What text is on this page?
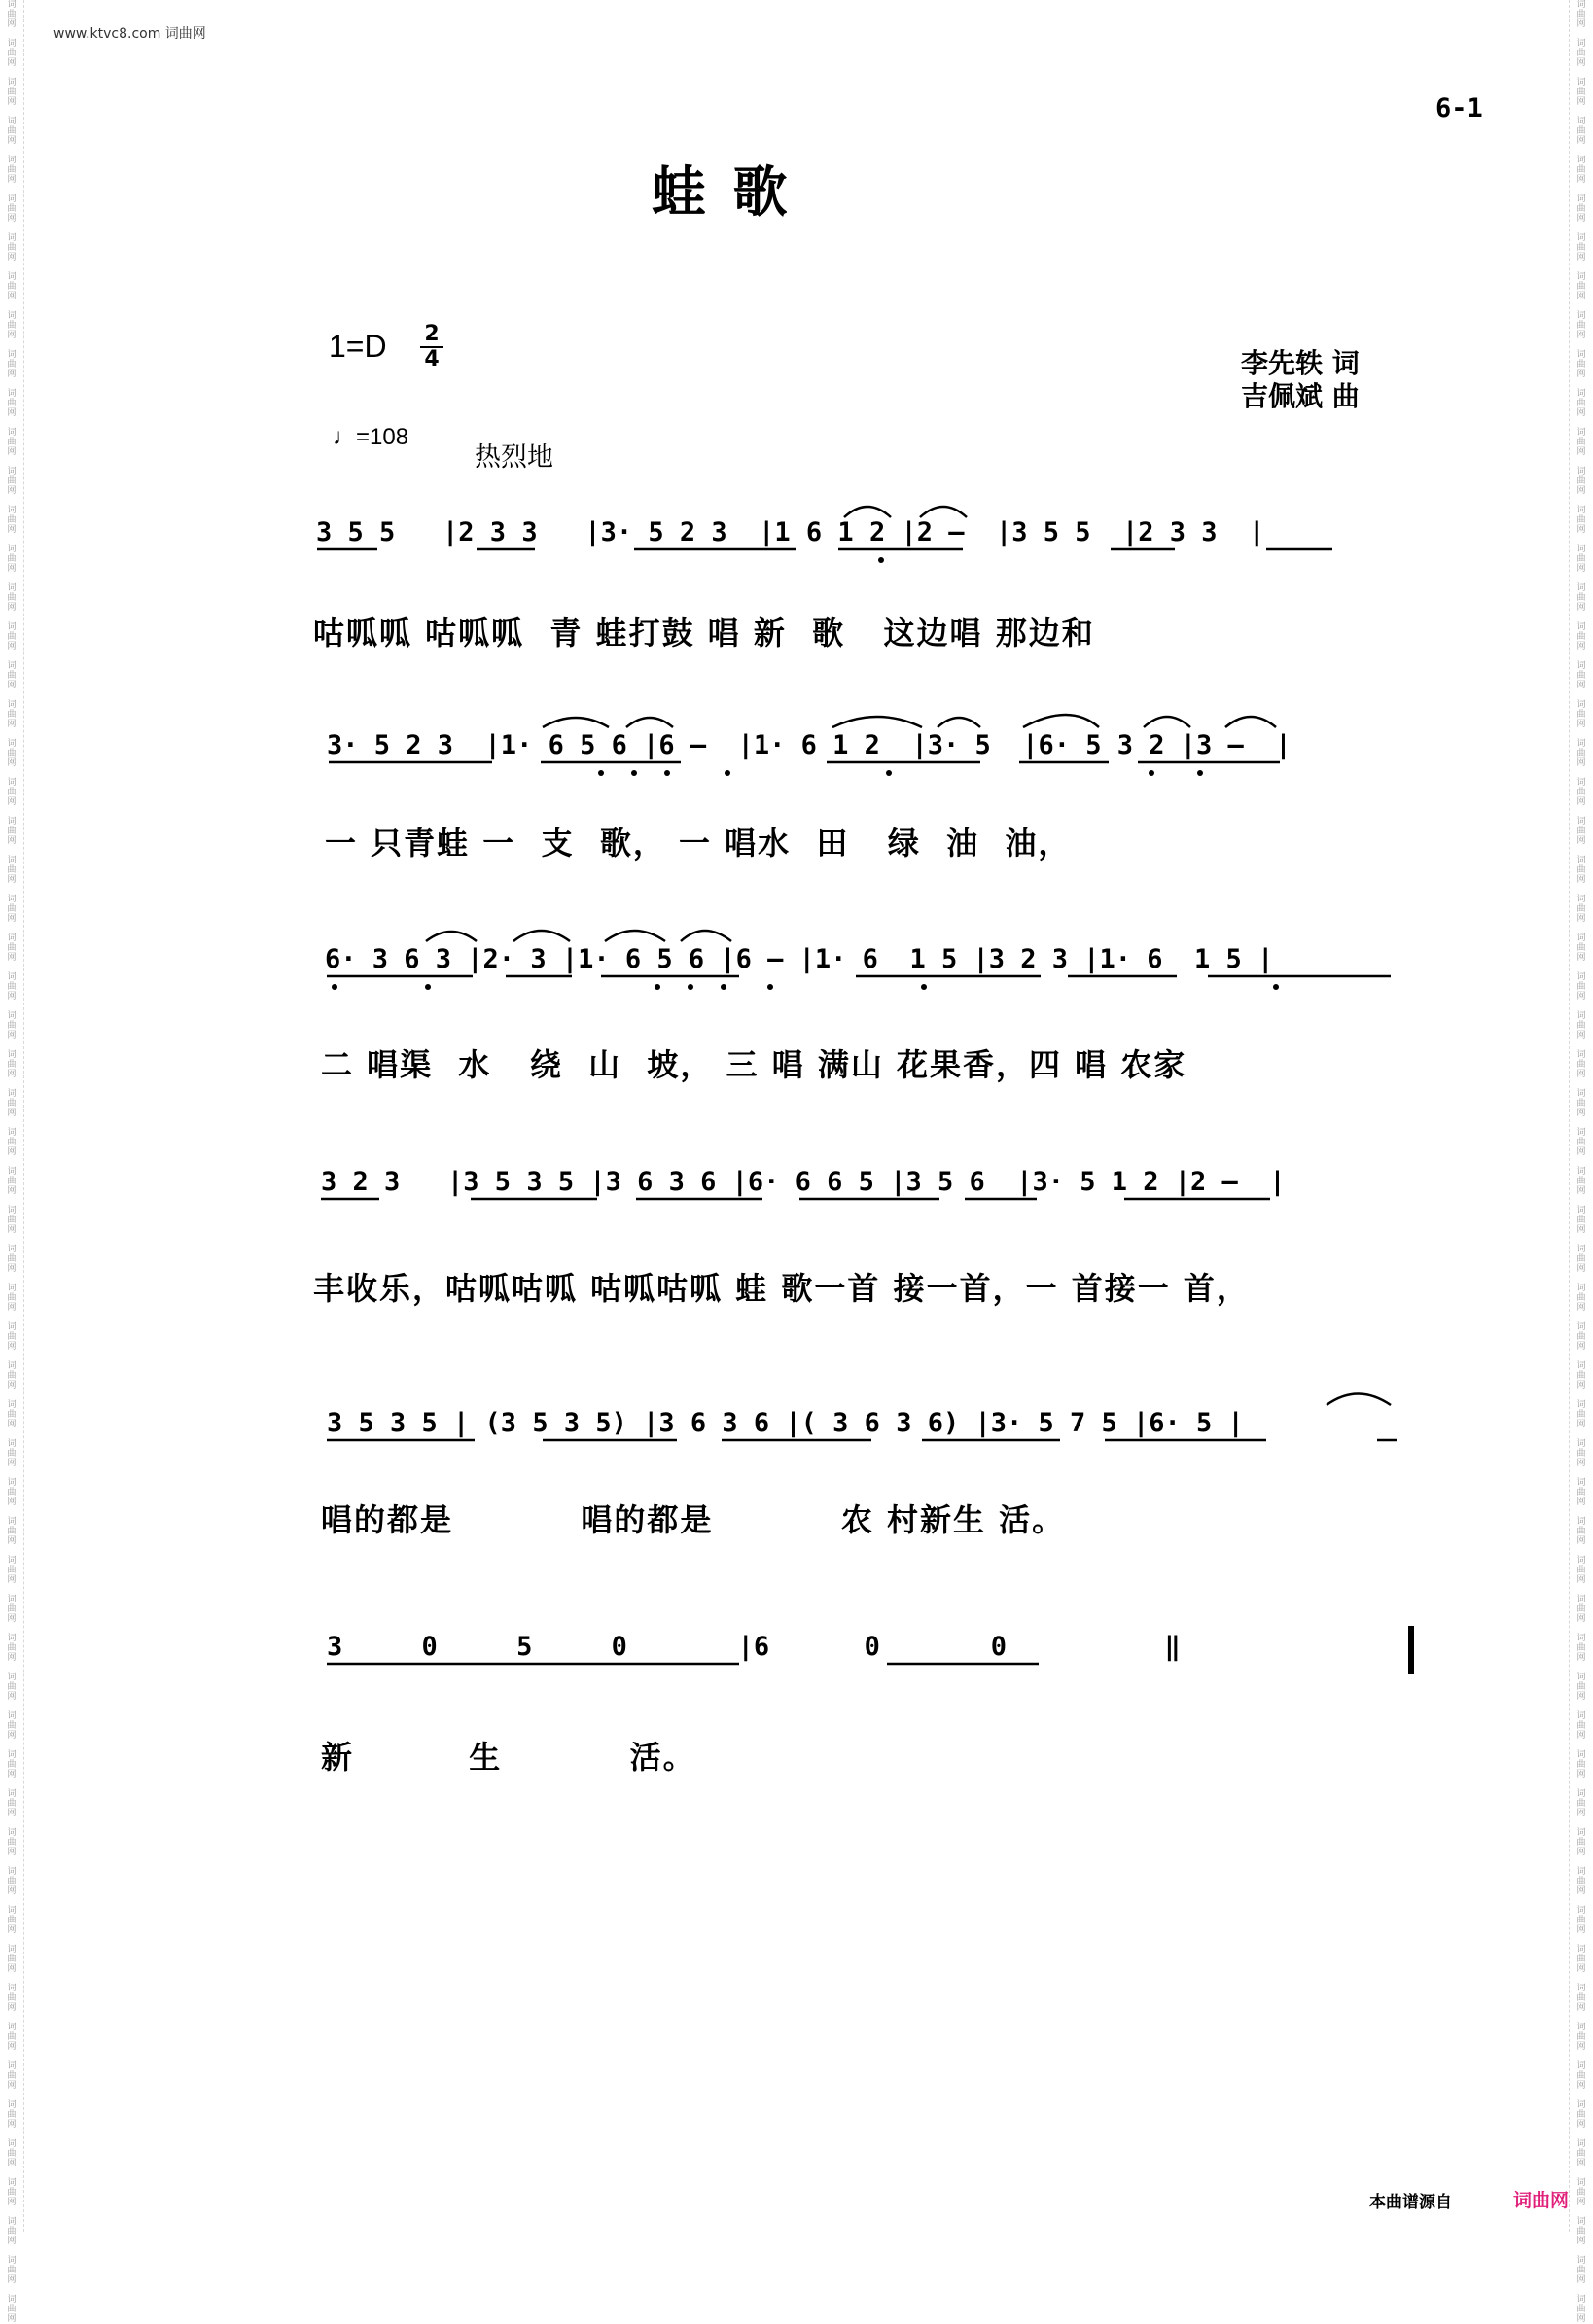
词
曲
网

词
曲
网

词
曲
网

词
曲
网

词
曲
网

词
曲
网

词
曲
网

词
曲
网

词
曲
网

词
曲
网

词
曲
网

词
曲
网

词
曲
网

词
曲
网

词
曲
网

词
曲
网

词
曲
网

词
曲
网

词
曲
网

词
曲
网

词
曲
网

词
曲
网

词
曲
网

词
曲
网

词
曲
网

词
曲
网

词
曲
网

词
曲
网

词
曲
网

词
曲
网

词
曲
网

词
曲
网

词
曲
网

词
曲
网

词
曲
网

词
曲
网

词
曲
网

词
曲
网

词
曲
网

词
曲
网

词
曲
网

词
曲
网

词
曲
网

词
曲
网

词
曲
网

词
曲
网

词
曲
网

词
曲
网

词
曲
网

词
曲
网

词
曲
网

词
曲
网

词
曲
网

词
曲
网

词
曲
网

词
曲
网

词
曲
网

词
曲
网

词
曲
网

词
曲
网

词
曲
网

词
曲
网

词
曲
网

词
曲
网

词
曲
网

词
曲
网

词
曲
网

词
曲
网

词
曲
网

词
曲
网

词
曲
网

词
曲
网

词
曲
网

词
曲
网

词
曲
网

词
曲
网

词
曲
网

词
曲
网

词
曲
网

词
曲
网

词
曲
网

词
曲
网

词
曲
网

词
曲
网

词
曲
网

词
曲
网

词
曲
网

词
曲
网

词
曲
网

词
曲
网

词
曲
网

词
曲
网

词
曲
网

词
曲
网

词
曲
网

词
曲
网

词
曲
网

词
曲
网

词
曲
网

词
曲
网

词
曲
网

词
曲
网

词
曲
网

词
曲
网

词
曲
网

词
曲
网

词
曲
网

词
曲
网

词
曲
网

词
曲
网

词
曲
网

词
曲
网

词
曲
网

词
曲
网

词
曲
网

词
曲
网

词
曲
网

词
曲
网

词
曲
网

词
曲
网

www.ktvc8.com 词曲网
6-1
蛙 歌
1=D 2
4
♩=108
热烈地
李先轶 词
吉佩斌 曲
3 5 5   |2 3 3   |3· 5 2 3  |1 6 1 2 |2 –  |3 5 5  |2 3 3  |
咕呱呱 咕呱呱  青 蛙打鼓 唱 新  歌   这边唱 那边和
3· 5 2 3  |1· 6 5 6 |6 –  |1· 6 1 2  |3· 5  |6· 5 3 2 |3 –  |
一 只青蛙 一  支  歌， 一 唱水  田   绿  油  油，
6· 3 6 3 |2· 3 |1· 6 5 6 |6 – |1· 6  1 5 |3 2 3 |1· 6  1 5 |
二 唱渠  水   绕  山  坡， 三 唱 满山 花果香，四 唱 农家
3 2 3   |3 5 3 5 |3 6 3 6 |6· 6 6 5 |3 5 6  |3· 5 1 2 |2 –  |
丰收乐，咕呱咕呱 咕呱咕呱 蛙 歌一首 接一首，一 首接一 首，
3 5 3 5 | (3 5 3 5) |3 6 3 6 |( 3 6 3 6) |3· 5 7 5 |6· 5 |
唱的都是          唱的都是          农 村新生 活。
3     0     5     0       |6      0       0          ‖
新         生          活。
本曲谱源自	词曲网
